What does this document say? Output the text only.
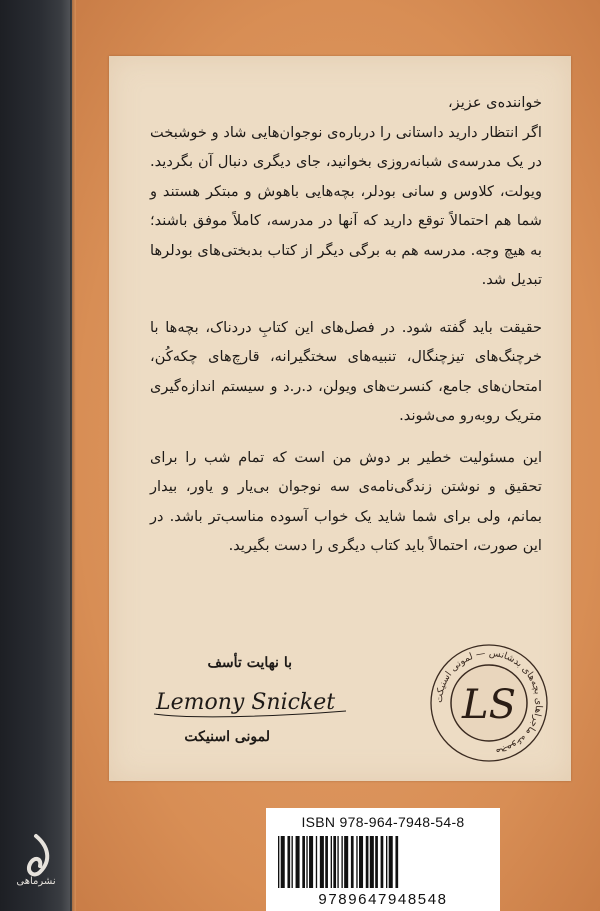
خواننده‌ی عزیز،

اگر انتظار دارید داستانی را درباره‌ی نوجوان‌هایی شاد و خوشبخت در یک مدرسه‌ی شبانه‌روزی بخوانید، جای دیگری دنبال آن بگردید. ویولت، کلاوس و سانی بودلر، بچه‌هایی باهوش و مبتکر هستند و شما هم احتمالاً توقع دارید که آنها در مدرسه، کاملاً موفق باشند؛ به هیچ وجه. مدرسه هم به برگی دیگر از کتاب بدبختی‌های بودلرها تبدیل شد.

حقیقت باید گفته شود. در فصل‌های این کتابِ دردناک، بچه‌ها با خرچنگ‌های تیزچنگال، تنبیه‌های سختگیرانه، قارچ‌های چکه‌کُن، امتحان‌های جامع، کنسرت‌های ویولن، د.ر.د و سیستم اندازه‌گیری متریک روبه‌رو می‌شوند.

این مسئولیت خطیر بر دوش من است که تمام شب را برای تحقیق و نوشتن زندگی‌نامه‌ی سه نوجوان بی‌یار و یاور، بیدار بمانم، ولی برای شما شاید یک خواب آسوده مناسب‌تر باشد. در این صورت، احتمالاً باید کتاب دیگری را دست بگیرید.

با نهایت تأسف
Lemony Snicket
لمونی اسنیکت
مجموعه ماجراهای بچه‌های بدشانس — لمونی اسنیکت
LS
ISBN 978-964-7948-54-8
9789647948548
نشرماهی
